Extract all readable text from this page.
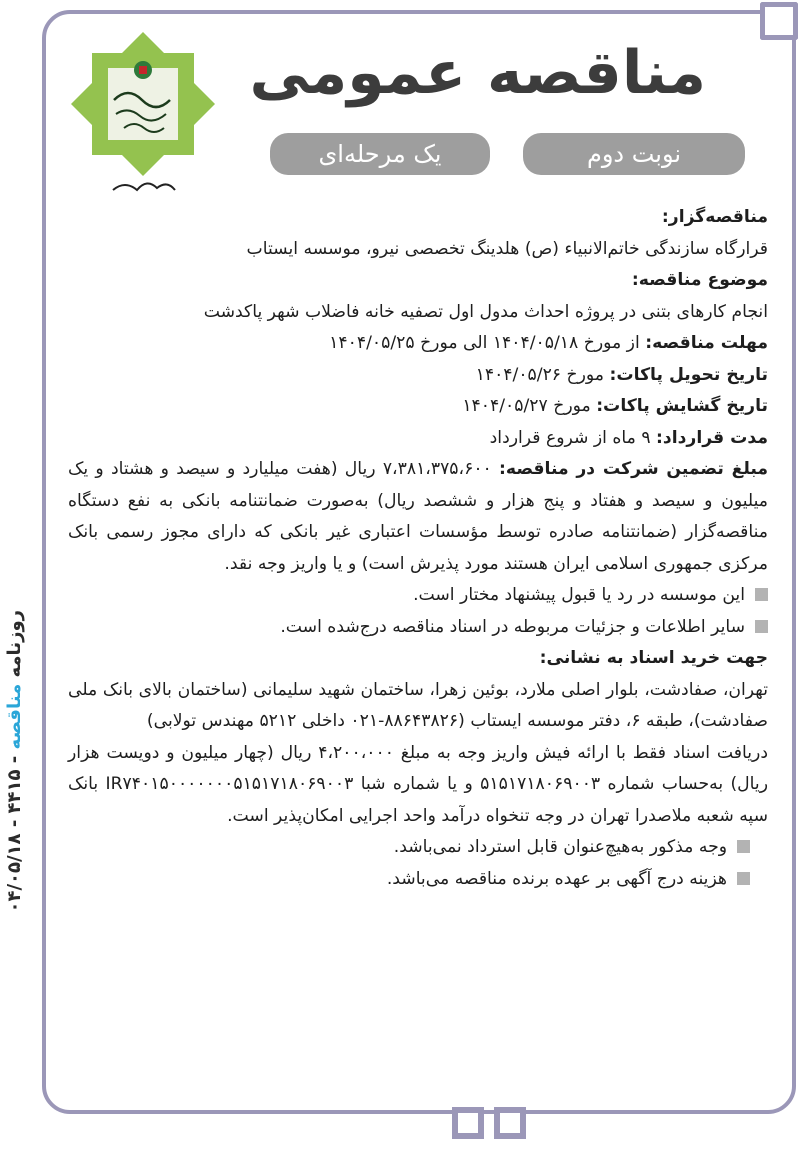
روزنامه مناقصه - ۴۴۱۵ - ۰۴/۰۵/۱۸
مناقصه عمومی
نوبت دوم
یک مرحله‌ای

مناقصه‌گزار:

قرارگاه سازندگی خاتم‌الانبیاء (ص) هلدینگ تخصصی نیرو، موسسه ایستاب

موضوع مناقصه:

انجام کارهای بتنی در پروژه احداث مدول اول تصفیه خانه فاضلاب شهر پاکدشت

مهلت مناقصه: از مورخ ۱۴۰۴/۰۵/۱۸ الی مورخ ۱۴۰۴/۰۵/۲۵

تاریخ تحویل پاکات: مورخ ۱۴۰۴/۰۵/۲۶

تاریخ گشایش پاکات: مورخ ۱۴۰۴/۰۵/۲۷

مدت قرارداد: ۹ ماه از شروع قرارداد

مبلغ تضمین شرکت در مناقصه: ۷،۳۸۱،۳۷۵،۶۰۰ ریال (هفت میلیارد و سیصد و هشتاد و یک میلیون و سیصد و هفتاد و پنج هزار و ششصد ریال) به‌صورت ضمانتنامه بانکی به نفع دستگاه مناقصه‌گزار (ضمانتنامه صادره توسط مؤسسات اعتباری غیر بانکی که دارای مجوز رسمی بانک مرکزی جمهوری اسلامی ایران هستند مورد پذیرش است) و یا واریز وجه نقد.

این موسسه در رد یا قبول پیشنهاد مختار است.
سایر اطلاعات و جزئیات مربوطه در اسناد مناقصه درج‌شده است.

جهت خرید اسناد به نشانی:

تهران، صفادشت، بلوار اصلی ملارد، بوئین زهرا، ساختمان شهید سلیمانی (ساختمان بالای بانک ملی صفادشت)، طبقه ۶، دفتر موسسه ایستاب (۸۸۶۴۳۸۲۶-۰۲۱ داخلی ۵۲۱۲ مهندس تولابی)

دریافت اسناد فقط با ارائه فیش واریز وجه به مبلغ ۴،۲۰۰،۰۰۰ ریال (چهار میلیون و دویست هزار ریال) به‌حساب شماره ۵۱۵۱۷۱۸۰۶۹۰۰۳ و یا شماره شبا IR۷۴۰۱۵۰۰۰۰۰۰۰۵۱۵۱۷۱۸۰۶۹۰۰۳ بانک سپه شعبه ملاصدرا تهران در وجه تنخواه درآمد واحد اجرایی امکان‌پذیر است.

وجه مذکور به‌هیچ‌عنوان قابل استرداد نمی‌باشد.
هزینه درج آگهی بر عهده برنده مناقصه می‌باشد.
